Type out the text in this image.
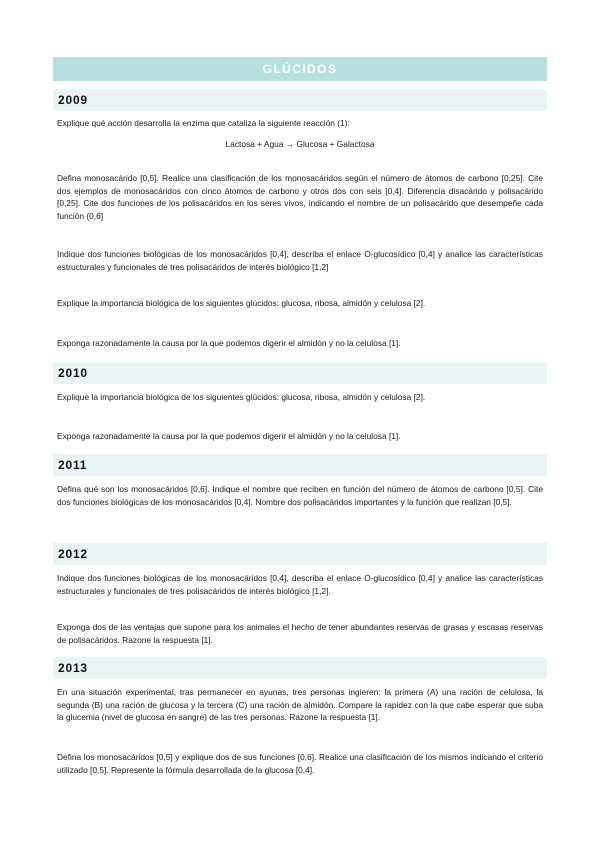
GLÚCIDOS
2009

Explique qué acción desarrolla la enzima que cataliza la siguiente reacción (1):

Lactosa + Agua → Glucosa + Galactosa

Defina monosacárido [0,5]. Realice una clasificación de los monosacáridos según el número de átomos de carbono [0,25]. Cite dos ejemplos de monosacáridos con cinco átomos de carbono y otros dos con seis [0,4]. Diferencia disacárido y polisacárido [0,25]. Cite dos funciones de los polisacáridos en los seres vivos, indicando el nombre de un polisacárido que desempeñe cada función (0,6]

Indique dos funciones biológicas de los monosacáridos [0,4], describa el enlace O-glucosídico [0,4] y analice las características estructurales y funcionales de tres polisacáridos de interés biológico [1,2]

Explique la importancia biológica de los siguientes glúcidos: glucosa, ribosa, almidón y celulosa [2].

Exponga razonadamente la causa por la que podemos digerir el almidón y no la celulosa [1].

2010

Explique la importancia biológica de los siguientes glúcidos: glucosa, ribosa, almidón y celulosa [2].

Exponga razonadamente la causa por la que podemos digerir el almidón y no la celulosa [1].

2011

Defina qué son los monosacáridos [0,6]. Indique el nombre que reciben en función del número de átomos de carbono [0,5]. Cite dos funciones biológicas de los monosacáridos [0,4]. Nombre dos polisacáridos importantes y la función que realizan [0,5].

2012

Indique dos funciones biológicas de los monosacáridos [0,4], describa el enlace O-glucosídico [0,4] y analice las características estructurales y funcionales de tres polisacáridos de interés biológico [1,2].

Exponga dos de las ventajas que supone para los animales el hecho de tener abundantes reservas de grasas y escasas reservas de polisacáridos. Razone la respuesta [1].

2013

En una situación experimental, tras permanecer en ayunas, tres personas ingieren: la primera (A) una ración de celulosa, la segunda (B) una ración de glucosa y la tercera (C) una ración de almidón. Compare la rapidez con la que cabe esperar que suba la glucemia (nivel de glucosa en sangre) de las tres personas. Razone la respuesta [1].

Defina los monosacáridos [0,5] y explique dos de sus funciones [0,6]. Realice una clasificación de los mismos indicando el criterio utilizado [0,5]. Represente la fórmula desarrollada de la glucosa [0,4].
